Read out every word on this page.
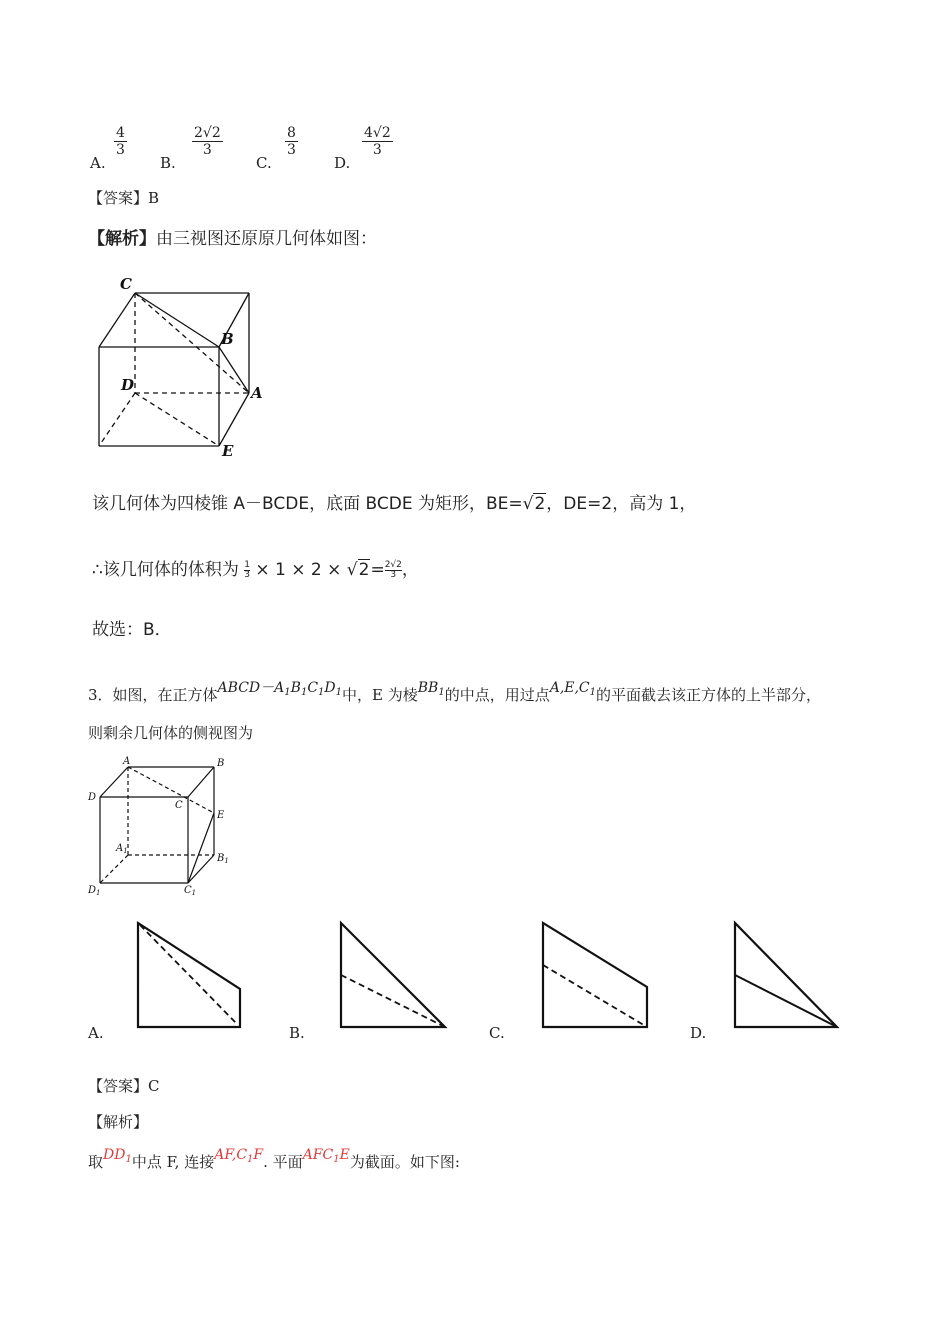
A.
$\frac{4}{3}$
B.
$\frac{2√2}{3}$
C.
$\frac{8}{3}$
D.
$\frac{4√2}{3}$
【答案】B
【解析】由三视图还原原几何体如图：
C
B
D	A
E
该几何体为四棱锥 A－BCDE，底面 BCDE 为矩形，BE=√2，DE=2，高为 1，
∴该几何体的体积为 $\frac{1}{3} \times 1 \times 2 \times √2= \frac{2√2}{3}$ ，
故选：B．
3．如图，在正方体$ABCD-A_1B_1C_1D_1$中，E 为棱$BB_1$的中点，用过点$A,E,C_1$的平面截去该正方体的上半部分，
则剩余几何体的侧视图为
A	B
D
C
E
$A_1$
$B_1$
$D_1$	$C_1$
A.	B.	C.	D.
【答案】C
【解析】
取$DD_1$中点 F, 连接$AF,C_1F$. 平面$AFC_1E$为截面。如下图:
